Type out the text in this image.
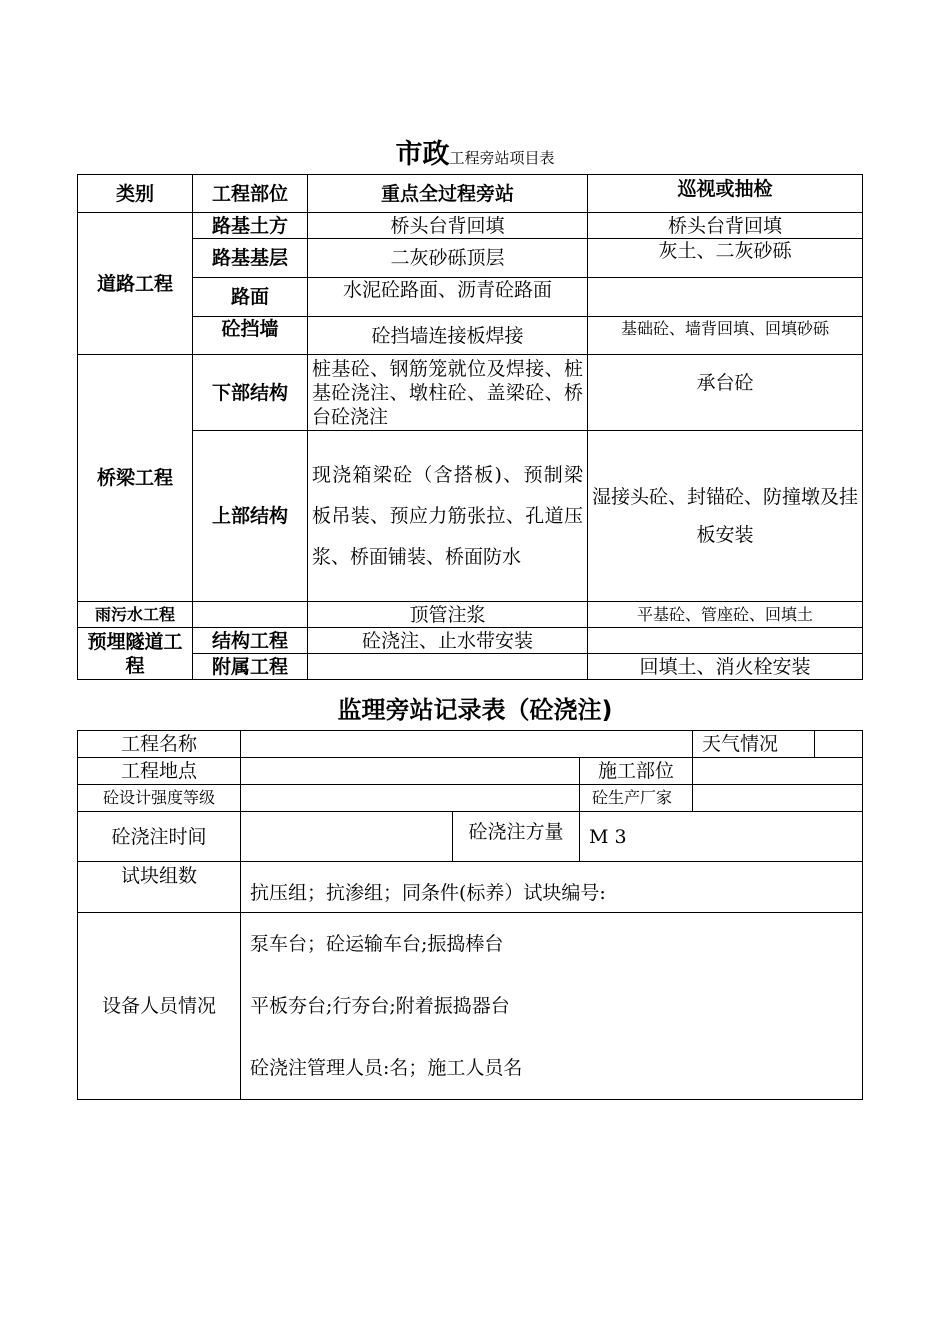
市政工程旁站项目表
类别	工程部位	重点全过程旁站	巡视或抽检
道路工程	路基土方	桥头台背回填	桥头台背回填
	路基基层	二灰砂砾顶层	灰土、二灰砂砾
	路面	水泥砼路面、沥青砼路面	
	砼挡墙	砼挡墙连接板焊接	基础砼、墙背回填、回填砂砾
桥梁工程	下部结构	桩基砼、钢筋笼就位及焊接、桩基砼浇注、墩柱砼、盖梁砼、桥台砼浇注	承台砼
	上部结构	现浇箱梁砼（含搭板)、预制梁板吊装、预应力筋张拉、孔道压浆、桥面铺装、桥面防水	湿接头砼、封锚砼、防撞墩及挂板安装
雨污水工程		顶管注浆	平基砼、管座砼、回填土
预埋隧道工程	结构工程	砼浇注、止水带安装	
	附属工程		回填土、消火栓安装
监理旁站记录表（砼浇注)
工程名称				天气情况

工程地点			施工部位	
砼设计强度等级			砼生产厂家	
砼浇注时间		砼浇注方量	M 3	
试块组数	抗压组；抗渗组；同条件(标养）试块编号:			
设备人员情况	泵车台；砼运输车台;振捣棒台
平板夯台;行夯台;附着振捣器台
砼浇注管理人员:名；施工人员名			
